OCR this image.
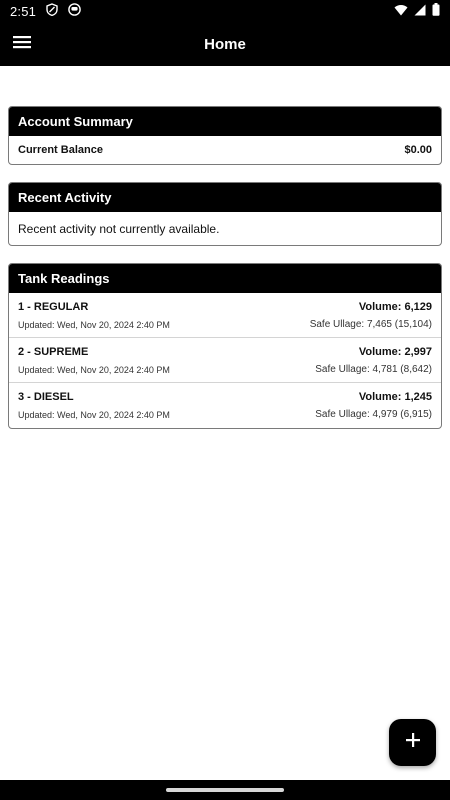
2:51
Home
Account Summary
Current Balance	$0.00
Recent Activity
Recent activity not currently available.
Tank Readings
1 - REGULAR
Updated: Wed, Nov 20, 2024 2:40 PM
Volume: 6,129
Safe Ullage: 7,465 (15,104)
2 - SUPREME
Updated: Wed, Nov 20, 2024 2:40 PM
Volume: 2,997
Safe Ullage: 4,781 (8,642)
3 - DIESEL
Updated: Wed, Nov 20, 2024 2:40 PM
Volume: 1,245
Safe Ullage: 4,979 (6,915)
